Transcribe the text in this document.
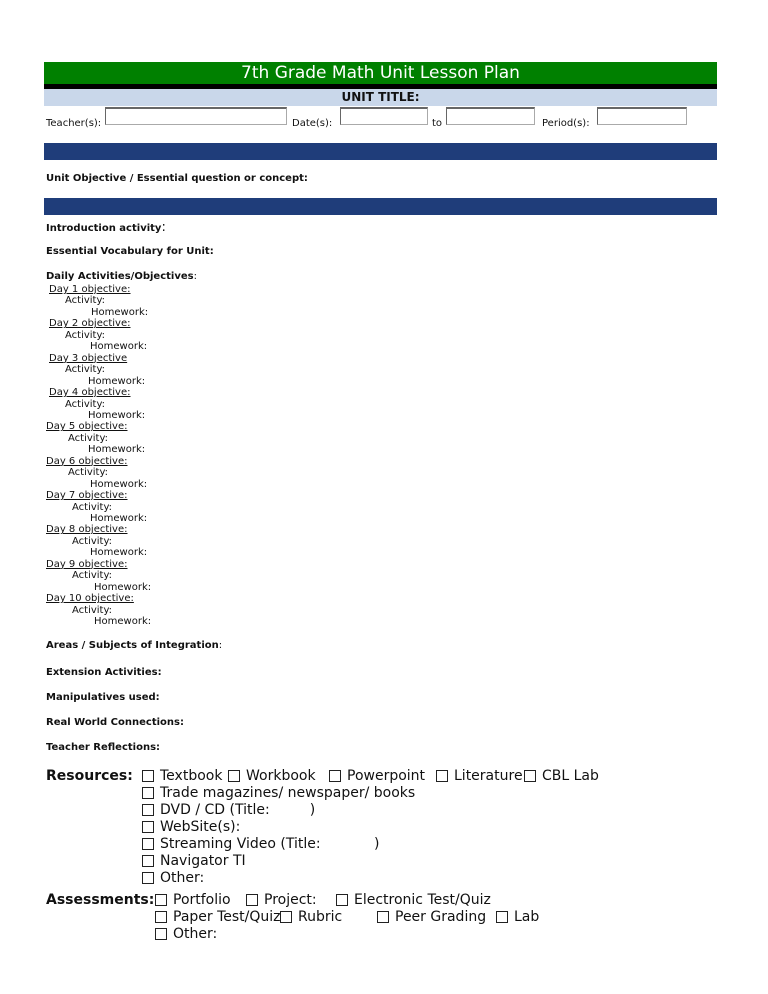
7th Grade Math Unit Lesson Plan
UNIT TITLE:
Teacher(s):	Date(s):	to	Period(s):
Unit Objective / Essential question or concept:
Introduction activity:
Essential Vocabulary for Unit:
Daily Activities/Objectives:
Day 1 objective:
Activity:
Homework:
Day 2 objective:
Activity:
Homework:
Day 3 objective
Activity:
Homework:
Day 4 objective:
Activity:
Homework:
Day 5 objective:
Activity:
Homework:
Day 6 objective:
Activity:
Homework:
Day 7 objective:
Activity:
Homework:
Day 8 objective:
Activity:
Homework:
Day 9 objective:
Activity:
Homework:
Day 10 objective:
Activity:
Homework:
Areas / Subjects of Integration:
Extension Activities:
Manipulatives used:
Real World Connections:
Teacher Reflections:
Resources: Textbook Workbook Powerpoint Literature CBL Lab
Trade magazines/ newspaper/ books
DVD / CD (Title:         )
WebSite(s):
Streaming Video (Title:            )
Navigator TI
Other:
Assessments: Portfolio Project:	Electronic Test/Quiz
Paper Test/Quiz Rubric	Peer Grading Lab
Other:
